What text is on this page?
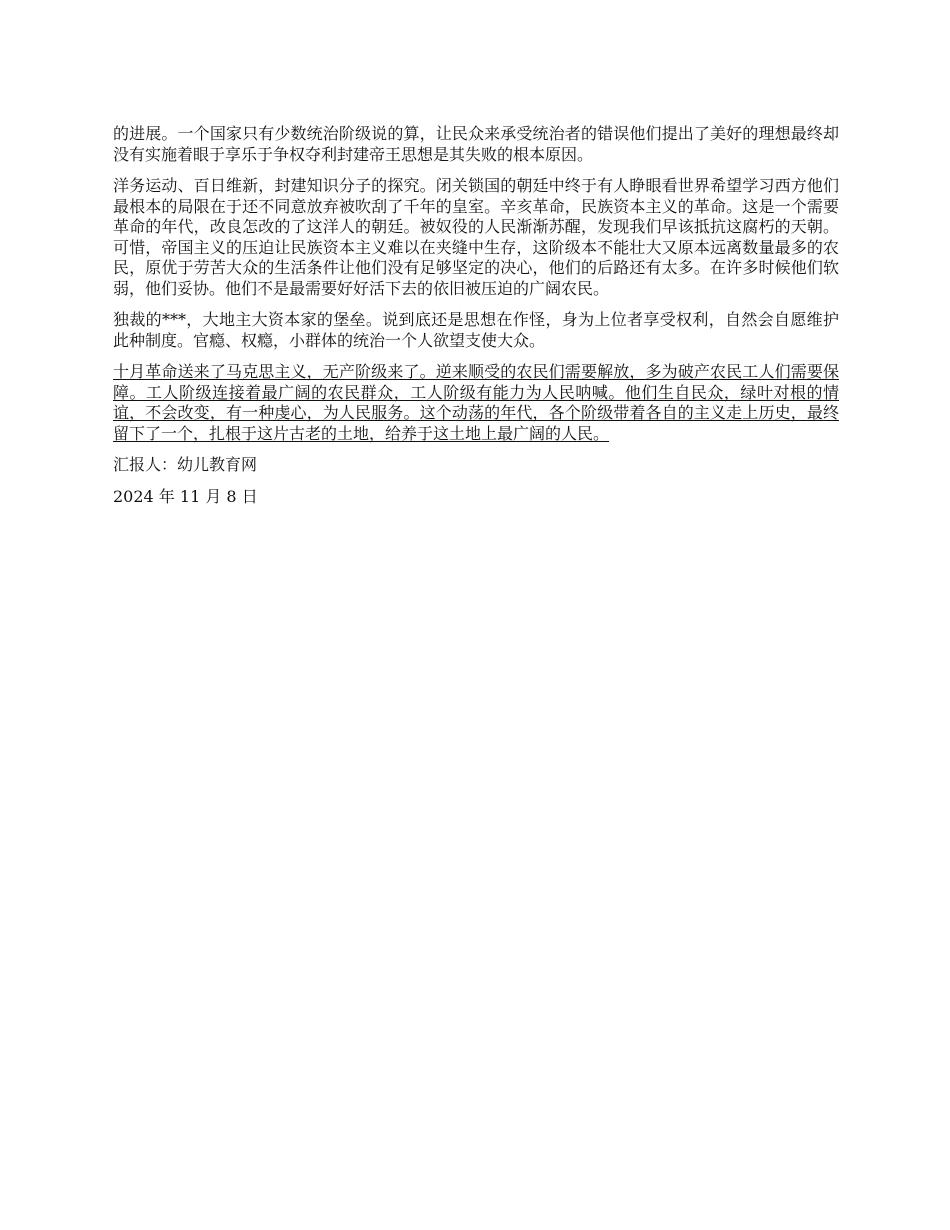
的进展。一个国家只有少数统治阶级说的算，让民众来承受统治者的错误他们提出了美好的理想最终却没有实施着眼于享乐于争权夺利封建帝王思想是其失败的根本原因。

洋务运动、百日维新，封建知识分子的探究。闭关锁国的朝廷中终于有人睁眼看世界希望学习西方他们最根本的局限在于还不同意放弃被吹刮了千年的皇室。辛亥革命，民族资本主义的革命。这是一个需要革命的年代，改良怎改的了这洋人的朝廷。被奴役的人民渐渐苏醒，发现我们早该抵抗这腐朽的天朝。可惜，帝国主义的压迫让民族资本主义难以在夹缝中生存，这阶级本不能壮大又原本远离数量最多的农民，原优于劳苦大众的生活条件让他们没有足够坚定的决心，他们的后路还有太多。在许多时候他们软弱，他们妥协。他们不是最需要好好活下去的依旧被压迫的广阔农民。

独裁的***，大地主大资本家的堡垒。说到底还是思想在作怪，身为上位者享受权利，自然会自愿维护此种制度。官瘾、权瘾，小群体的统治一个人欲望支使大众。

十月革命送来了马克思主义，无产阶级来了。逆来顺受的农民们需要解放，多为破产农民工人们需要保障。工人阶级连接着最广阔的农民群众，工人阶级有能力为人民呐喊。他们生自民众，绿叶对根的情谊，不会改变，有一种虔心，为人民服务。这个动荡的年代，各个阶级带着各自的主义走上历史，最终留下了一个，扎根于这片古老的土地，给养于这土地上最广阔的人民。

汇报人：幼儿教育网

2024 年 11 月 8 日
